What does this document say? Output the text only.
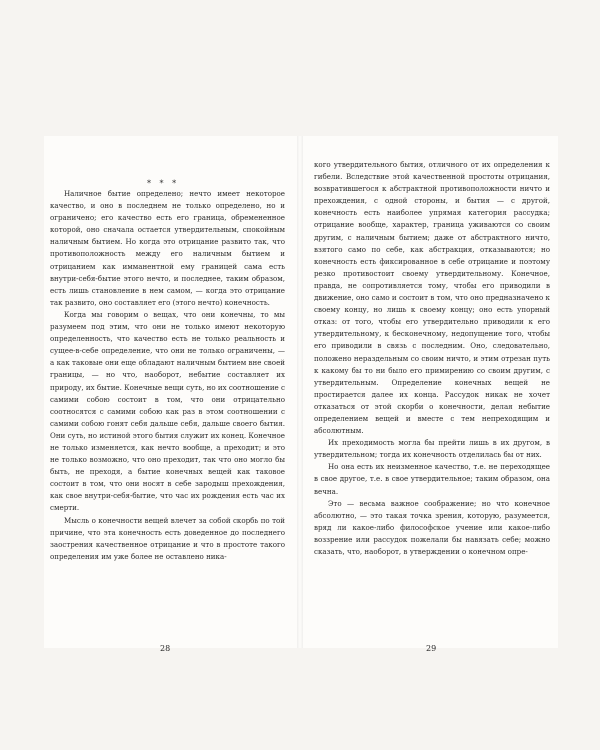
* * *

Наличное бытие определено; нечто имеет некоторое качество, и оно в последнем не только определено, но и ограничено; его качество есть его граница, обремененное которой, оно сначала остается утвердительным, спокойным наличным бытием. Но когда это отрицание развито так, что противоположность между его наличным бытием и отрицанием как имманентной ему границей сама есть внутри-себя-бытие этого нечто, и последнее, таким образом, есть лишь становление в нем самом, — когда это отрицание так развито, оно составляет его (этого нечто) конечность.

Когда мы говорим о вещах, что они конечны, то мы разумеем под этим, что они не только имеют некоторую определенность, что качество есть не только реальность и сущее-в-себе определение, что они не только ограничены, — а как таковые они еще обладают наличным бытием вне своей границы, — но что, наоборот, небытие составляет их природу, их бытие. Конечные вещи суть, но их соотношение с самими собою состоит в том, что они отрицательно соотносятся с самими собою как раз в этом соотношении с самими собою гонят себя дальше себя, дальше своего бытия. Они суть, но истиной этого бытия служит их конец. Конечное не только изменяется, как нечто вообще, а преходит; и это не только возможно, что оно преходит, так что оно могло бы быть, не преходя, а бытие конечных вещей как таковое состоит в том, что они носят в себе зародыш прехождения, как свое внутри-себя-бытие, что час их рождения есть час их смерти.

Мысль о конечности вещей влечет за собой скорбь по той причине, что эта конечность есть доведенное до последнего заострения качественное отрицание и что в простоте такого определения им уже более не оставлено ника-

кого утвердительного бытия, отличного от их определения к гибели. Вследствие этой качественной простоты отрицания, возвратившегося к абстрактной противоположности ничто и прехождения, с одной стороны, и бытия — с другой, конечность есть наиболее упрямая категория рассудка; отрицание вообще, характер, граница уживаются со своим другим, с наличным бытием; даже от абстрактного ничто, взятого само по себе, как абстракция, отказываются; но конечность есть фиксированное в себе отрицание и поэтому резко противостоит своему утвердительному. Конечное, правда, не сопротивляется тому, чтобы его приводили в движение, оно само и состоит в том, что оно предназначено к своему концу, но лишь к своему концу; оно есть упорный отказ: от того, чтобы его утвердительно приводили к его утвердительному, к бесконечному, недопущение того, чтобы его приводили в связь с последним. Оно, следовательно, положено нераздельным со своим ничто, и этим отрезан путь к какому бы то ни было его примирению со своим другим, с утвердительным. Определение конечных вещей не простирается далее их конца. Рассудок никак не хочет отказаться от этой скорби о конечности, делая небытие определением вещей и вместе с тем непреходящим и абсолютным.

Их преходимость могла бы прейти лишь в их другом, в утвердительном; тогда их конечность отделилась бы от них.

Но она есть их неизменное качество, т.е. не переходящее в свое другое, т.е. в свое утвердительное; таким образом, она вечна.

Это — весьма важное соображение; но что конечное абсолютно, — это такая точка зрения, которую, разумеется, вряд ли какое-либо философское учение или какое-либо воззрение или рассудок пожелали бы навязать себе; можно сказать, что, наоборот, в утверждении о конечном опре-

28	29
